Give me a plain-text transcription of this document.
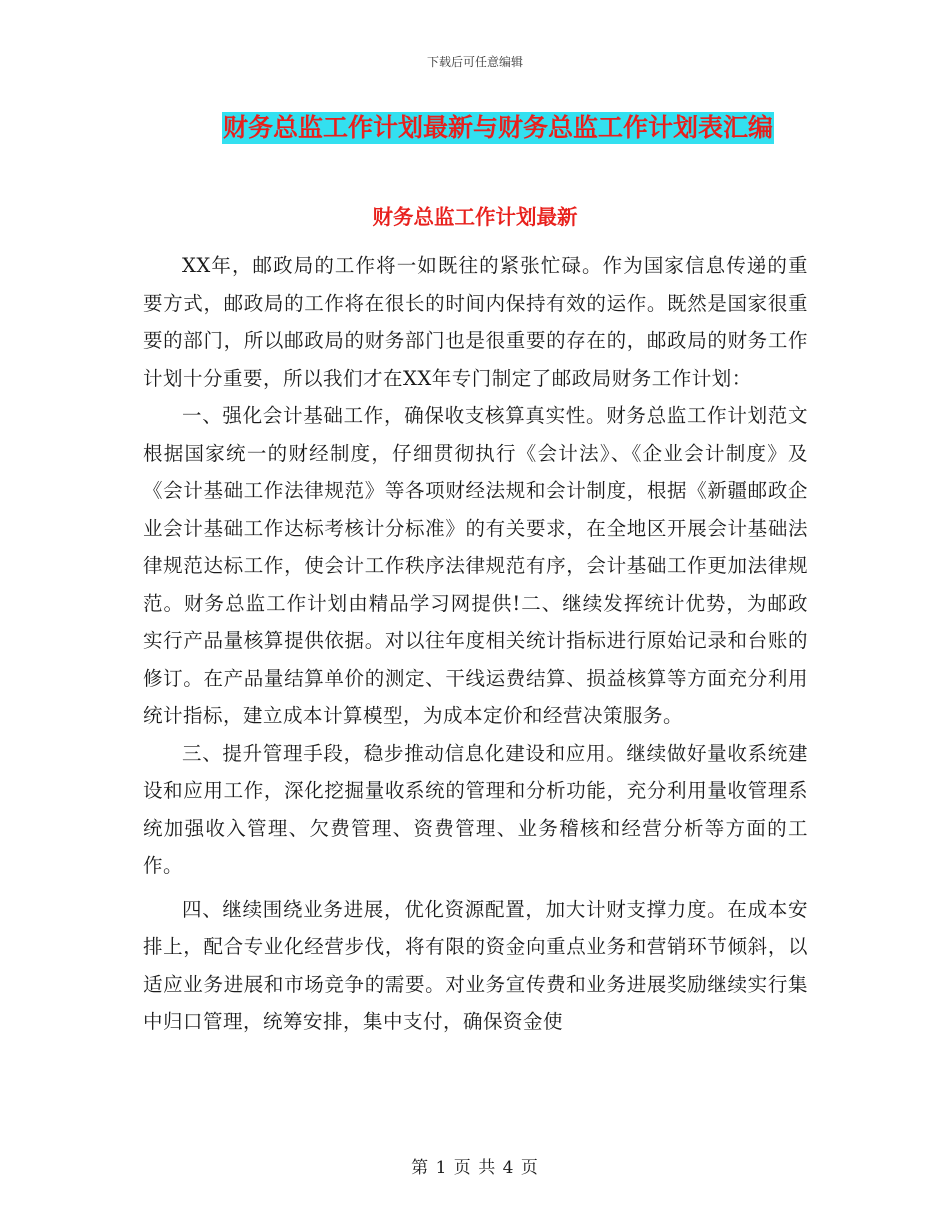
下载后可任意编辑
财务总监工作计划最新与财务总监工作计划表汇编
财务总监工作计划最新

XX年，邮政局的工作将一如既往的紧张忙碌。作为国家信息传递的重要方式，邮政局的工作将在很长的时间内保持有效的运作。既然是国家很重要的部门，所以邮政局的财务部门也是很重要的存在的，邮政局的财务工作计划十分重要，所以我们才在XX年专门制定了邮政局财务工作计划：

一、强化会计基础工作，确保收支核算真实性。财务总监工作计划范文根据国家统一的财经制度，仔细贯彻执行《会计法》、《企业会计制度》及《会计基础工作法律规范》等各项财经法规和会计制度，根据《新疆邮政企业会计基础工作达标考核计分标准》的有关要求，在全地区开展会计基础法律规范达标工作，使会计工作秩序法律规范有序，会计基础工作更加法律规范。财务总监工作计划由精品学习网提供!二、继续发挥统计优势，为邮政实行产品量核算提供依据。对以往年度相关统计指标进行原始记录和台账的修订。在产品量结算单价的测定、干线运费结算、损益核算等方面充分利用统计指标，建立成本计算模型，为成本定价和经营决策服务。

三、提升管理手段，稳步推动信息化建设和应用。继续做好量收系统建设和应用工作，深化挖掘量收系统的管理和分析功能，充分利用量收管理系统加强收入管理、欠费管理、资费管理、业务稽核和经营分析等方面的工作。

四、继续围绕业务进展，优化资源配置，加大计财支撑力度。在成本安排上，配合专业化经营步伐，将有限的资金向重点业务和营销环节倾斜，以适应业务进展和市场竞争的需要。对业务宣传费和业务进展奖励继续实行集中归口管理，统筹安排，集中支付，确保资金使

第 1 页 共 4 页
